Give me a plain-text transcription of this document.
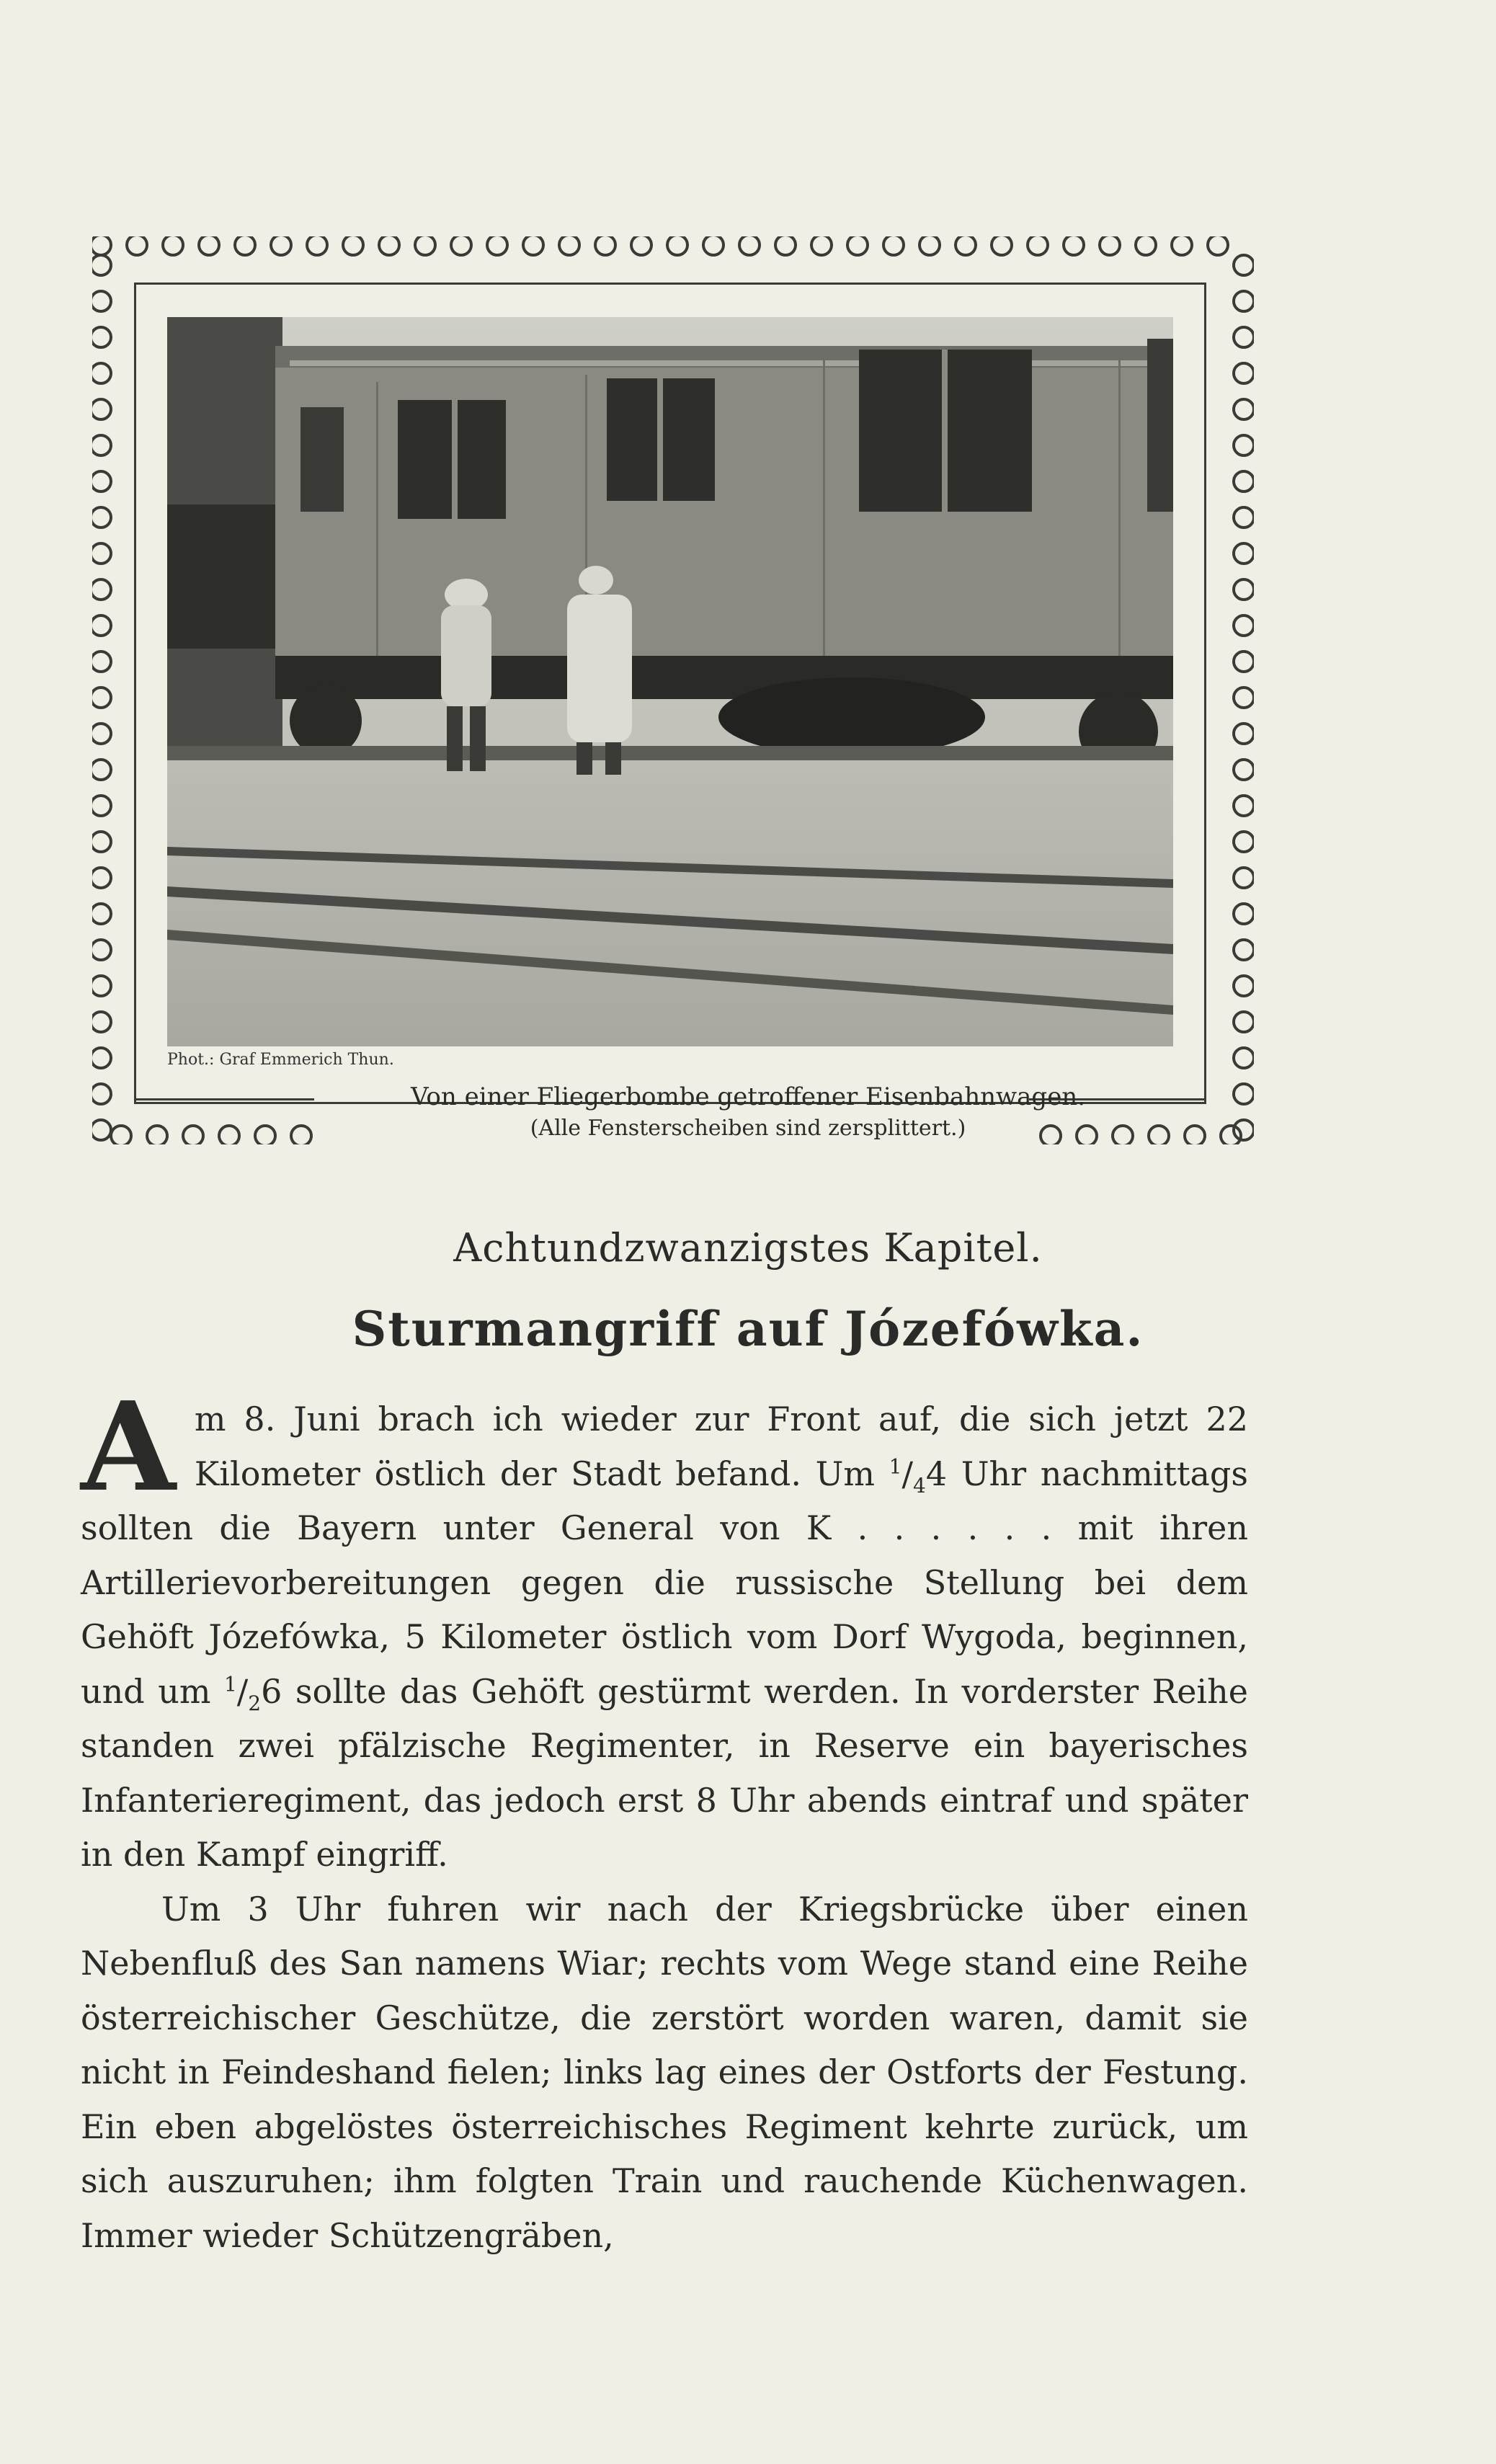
Phot.: Graf Emmerich Thun.
Von einer Fliegerbombe getroffener Eisenbahnwagen.
(Alle Fensterscheiben sind zersplittert.)
Achtundzwanzigstes Kapitel.
Sturmangriff auf Józefówka.

Am 8. Juni brach ich wieder zur Front auf, die sich jetzt 22 Kilometer östlich der Stadt befand. Um $^1/_44$ Uhr nachmittags sollten die Bayern unter General von K . . . . . . mit ihren Artillerievorbereitungen gegen die russische Stellung bei dem Gehöft Józefówka, 5 Kilometer östlich vom Dorf Wygoda, beginnen, und um $^1/_26$ sollte das Gehöft gestürmt werden. In vorderster Reihe standen zwei pfälzische Regimenter, in Reserve ein bayerisches Infanterieregiment, das jedoch erst 8 Uhr abends eintraf und später in den Kampf eingriff.

Um 3 Uhr fuhren wir nach der Kriegsbrücke über einen Nebenfluß des San namens Wiar; rechts vom Wege stand eine Reihe österreichischer Geschütze, die zerstört worden waren, damit sie nicht in Feindeshand fielen; links lag eines der Ostforts der Festung. Ein eben abgelöstes österreichisches Regiment kehrte zurück, um sich auszuruhen; ihm folgten Train und rauchende Küchenwagen. Immer wieder Schützengräben,
